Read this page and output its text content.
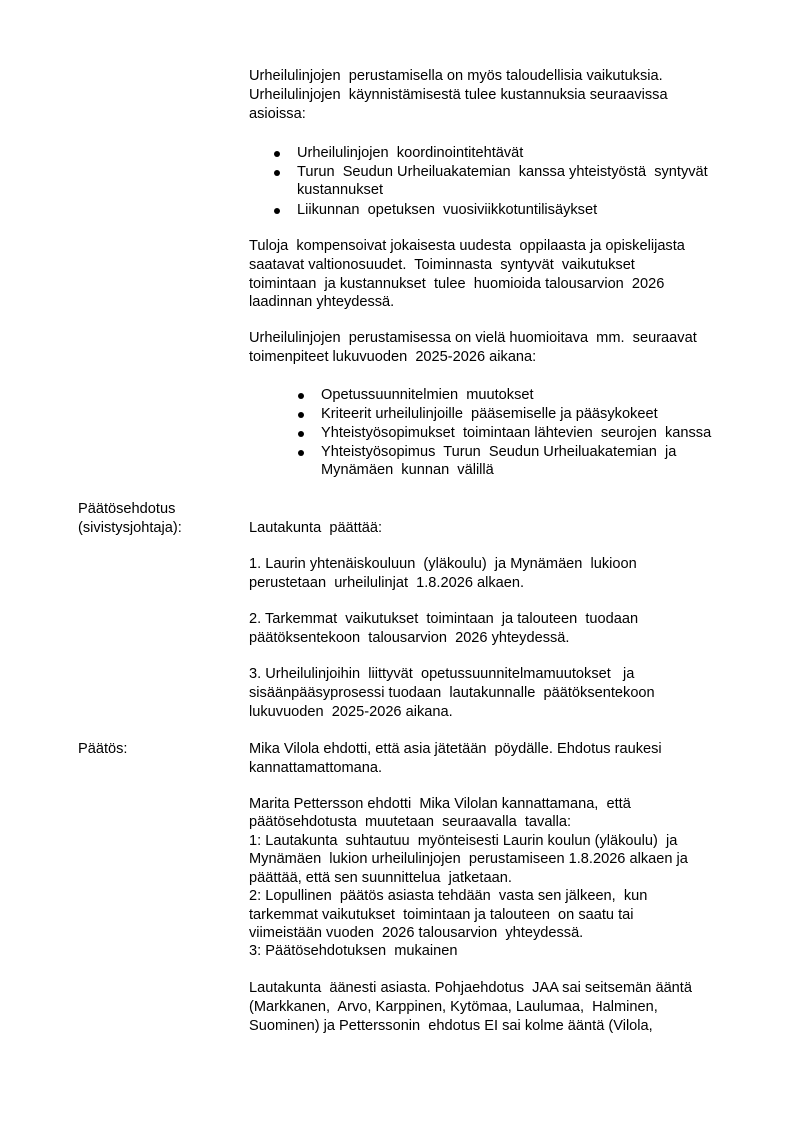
Urheilulinjojen  perustamisella on myös taloudellisia vaikutuksia.
Urheilulinjojen  käynnistämisestä tulee kustannuksia seuraavissa
asioissa:
Urheilulinjojen  koordinointitehtävät
Turun  Seudun Urheiluakatemian  kanssa yhteistyöstä  syntyvät
kustannukset
Liikunnan  opetuksen  vuosiviikkotuntilisäykset
Tuloja  kompensoivat jokaisesta uudesta  oppilaasta ja opiskelijasta
saatavat valtionosuudet.  Toiminnasta  syntyvät  vaikutukset
toimintaan  ja kustannukset  tulee  huomioida talousarvion  2026
laadinnan yhteydessä.
Urheilulinjojen  perustamisessa on vielä huomioitava  mm.  seuraavat
toimenpiteet lukuvuoden  2025-2026 aikana:
Opetussuunnitelmien  muutokset
Kriteerit urheilulinjoille  pääsemiselle ja pääsykokeet
Yhteistyösopimukset  toimintaan lähtevien  seurojen  kanssa
Yhteistyösopimus  Turun  Seudun Urheiluakatemian  ja
Mynämäen  kunnan  välillä
Päätösehdotus
(sivistysjohtaja):	Lautakunta  päättää:
1. Laurin yhtenäiskouluun  (yläkoulu)  ja Mynämäen  lukioon
perustetaan  urheilulinjat  1.8.2026 alkaen.
2. Tarkemmat  vaikutukset  toimintaan  ja talouteen  tuodaan
päätöksentekoon  talousarvion  2026 yhteydessä.
3. Urheilulinjoihin  liittyvät  opetussuunnitelmamuutokset   ja
sisäänpääsyprosessi tuodaan  lautakunnalle  päätöksentekoon
lukuvuoden  2025-2026 aikana.
Päätös:	Mika Vilola ehdotti, että asia jätetään  pöydälle. Ehdotus raukesi
kannattamattomana.
Marita Pettersson ehdotti  Mika Vilolan kannattamana,  että
päätösehdotusta  muutetaan  seuraavalla  tavalla:
1: Lautakunta  suhtautuu  myönteisesti Laurin koulun (yläkoulu)  ja
Mynämäen  lukion urheilulinjojen  perustamiseen 1.8.2026 alkaen ja
päättää, että sen suunnittelua  jatketaan.
2: Lopullinen  päätös asiasta tehdään  vasta sen jälkeen,  kun
tarkemmat vaikutukset  toimintaan ja talouteen  on saatu tai
viimeistään vuoden  2026 talousarvion  yhteydessä.
3: Päätösehdotuksen  mukainen
Lautakunta  äänesti asiasta. Pohjaehdotus  JAA sai seitsemän ääntä
(Markkanen,  Arvo, Karppinen, Kytömaa, Laulumaa,  Halminen,
Suominen) ja Petterssonin  ehdotus EI sai kolme ääntä (Vilola,
